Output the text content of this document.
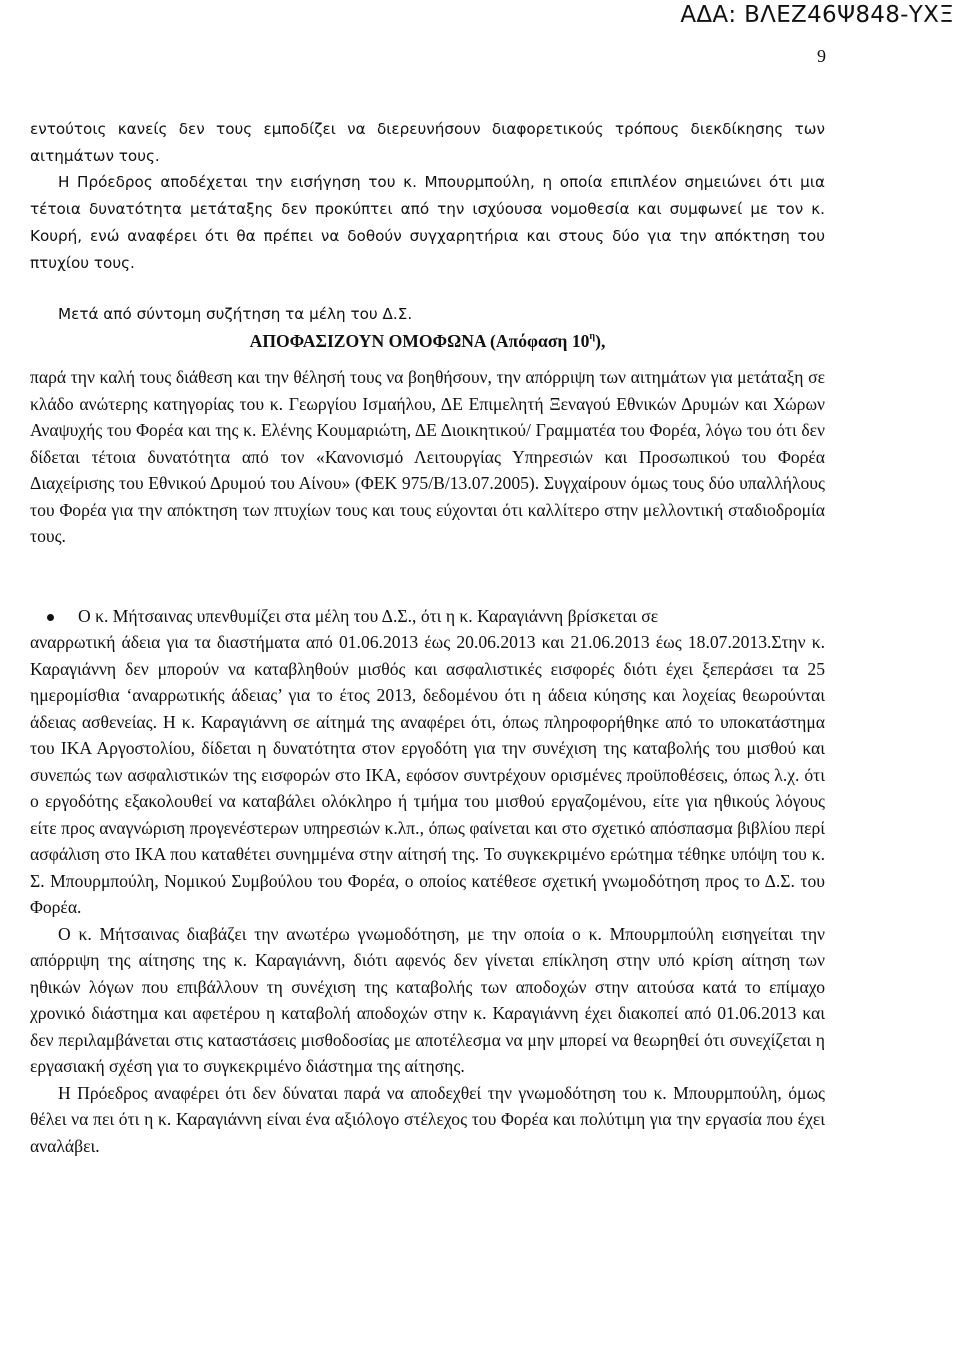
ΑΔΑ: ΒΛΕΖ46Ψ848-ΥΧΞ
9

εντούτοις κανείς δεν τους εμποδίζει να διερευνήσουν διαφορετικούς τρόπους διεκδίκησης των αιτημάτων τους.

Η Πρόεδρος αποδέχεται την εισήγηση του κ. Μπουρμπούλη, η οποία επιπλέον σημειώνει ότι μια τέτοια δυνατότητα μετάταξης δεν προκύπτει από την ισχύουσα νομοθεσία και συμφωνεί με τον κ. Κουρή, ενώ αναφέρει ότι θα πρέπει να δοθούν συγχαρητήρια και στους δύο για την απόκτηση του πτυχίου τους.

Μετά από σύντομη συζήτηση τα μέλη του Δ.Σ.

ΑΠΟΦΑΣΙΖΟΥΝ ΟΜΟΦΩΝΑ (Απόφαση $10^\eta$),

παρά την καλή τους διάθεση και την θέλησή τους να βοηθήσουν, την απόρριψη των αιτημάτων για μετάταξη σε κλάδο ανώτερης κατηγορίας του κ. Γεωργίου Ισμαήλου, ΔΕ Επιμελητή Ξεναγού Εθνικών Δρυμών και Χώρων Αναψυχής του Φορέα και της κ. Ελένης Κουμαριώτη, ΔΕ Διοικητικού/ Γραμματέα του Φορέα, λόγω του ότι δεν δίδεται τέτοια δυνατότητα από τον «Κανονισμό Λειτουργίας Υπηρεσιών και Προσωπικού του Φορέα Διαχείρισης του Εθνικού Δρυμού του Αίνου» (ΦΕΚ 975/Β/13.07.2005). Συγχαίρουν όμως τους δύο υπαλλήλους του Φορέα για την απόκτηση των πτυχίων τους και τους εύχονται ότι καλλίτερο στην μελλοντική σταδιοδρομία τους.

Ο κ. Μήτσαινας υπενθυμίζει στα μέλη του Δ.Σ., ότι η κ. Καραγιάννη βρίσκεται σε

αναρρωτική άδεια για τα διαστήματα από 01.06.2013 έως 20.06.2013 και 21.06.2013 έως 18.07.2013.Στην κ. Καραγιάννη δεν μπορούν να καταβληθούν μισθός και ασφαλιστικές εισφορές διότι έχει ξεπεράσει τα 25 ημερομίσθια ‘αναρρωτικής άδειας’ για το έτος 2013, δεδομένου ότι η άδεια κύησης και λοχείας θεωρούνται άδειας ασθενείας. Η κ. Καραγιάννη σε αίτημά της αναφέρει ότι, όπως πληροφορήθηκε από το υποκατάστημα του ΙΚΑ Αργοστολίου, δίδεται η δυνατότητα στον εργοδότη για την συνέχιση της καταβολής του μισθού και συνεπώς των ασφαλιστικών της εισφορών στο ΙΚΑ, εφόσον συντρέχουν ορισμένες προϋποθέσεις, όπως λ.χ. ότι ο εργοδότης εξακολουθεί να καταβάλει ολόκληρο ή τμήμα του μισθού εργαζομένου, είτε για ηθικούς λόγους είτε προς αναγνώριση προγενέστερων υπηρεσιών κ.λπ., όπως φαίνεται και στο σχετικό απόσπασμα βιβλίου περί ασφάλιση στο ΙΚΑ που καταθέτει συνημμένα στην αίτησή της. Το συγκεκριμένο ερώτημα τέθηκε υπόψη του κ. Σ. Μπουρμπούλη, Νομικού Συμβούλου του Φορέα, ο οποίος κατέθεσε σχετική γνωμοδότηση προς το Δ.Σ. του Φορέα.

Ο κ. Μήτσαινας διαβάζει την ανωτέρω γνωμοδότηση, με την οποία ο κ. Μπουρμπούλη εισηγείται την απόρριψη της αίτησης της κ. Καραγιάννη, διότι αφενός δεν γίνεται επίκληση στην υπό κρίση αίτηση των ηθικών λόγων που επιβάλλουν τη συνέχιση της καταβολής των αποδοχών στην αιτούσα κατά το επίμαχο χρονικό διάστημα και αφετέρου η καταβολή αποδοχών στην κ. Καραγιάννη έχει διακοπεί από 01.06.2013 και δεν περιλαμβάνεται στις καταστάσεις μισθοδοσίας με αποτέλεσμα να μην μπορεί να θεωρηθεί ότι συνεχίζεται η εργασιακή σχέση για το συγκεκριμένο διάστημα της αίτησης.

Η Πρόεδρος αναφέρει ότι δεν δύναται παρά να αποδεχθεί την γνωμοδότηση του κ. Μπουρμπούλη, όμως θέλει να πει ότι η κ. Καραγιάννη είναι ένα αξιόλογο στέλεχος του Φορέα και πολύτιμη για την εργασία που έχει αναλάβει.
